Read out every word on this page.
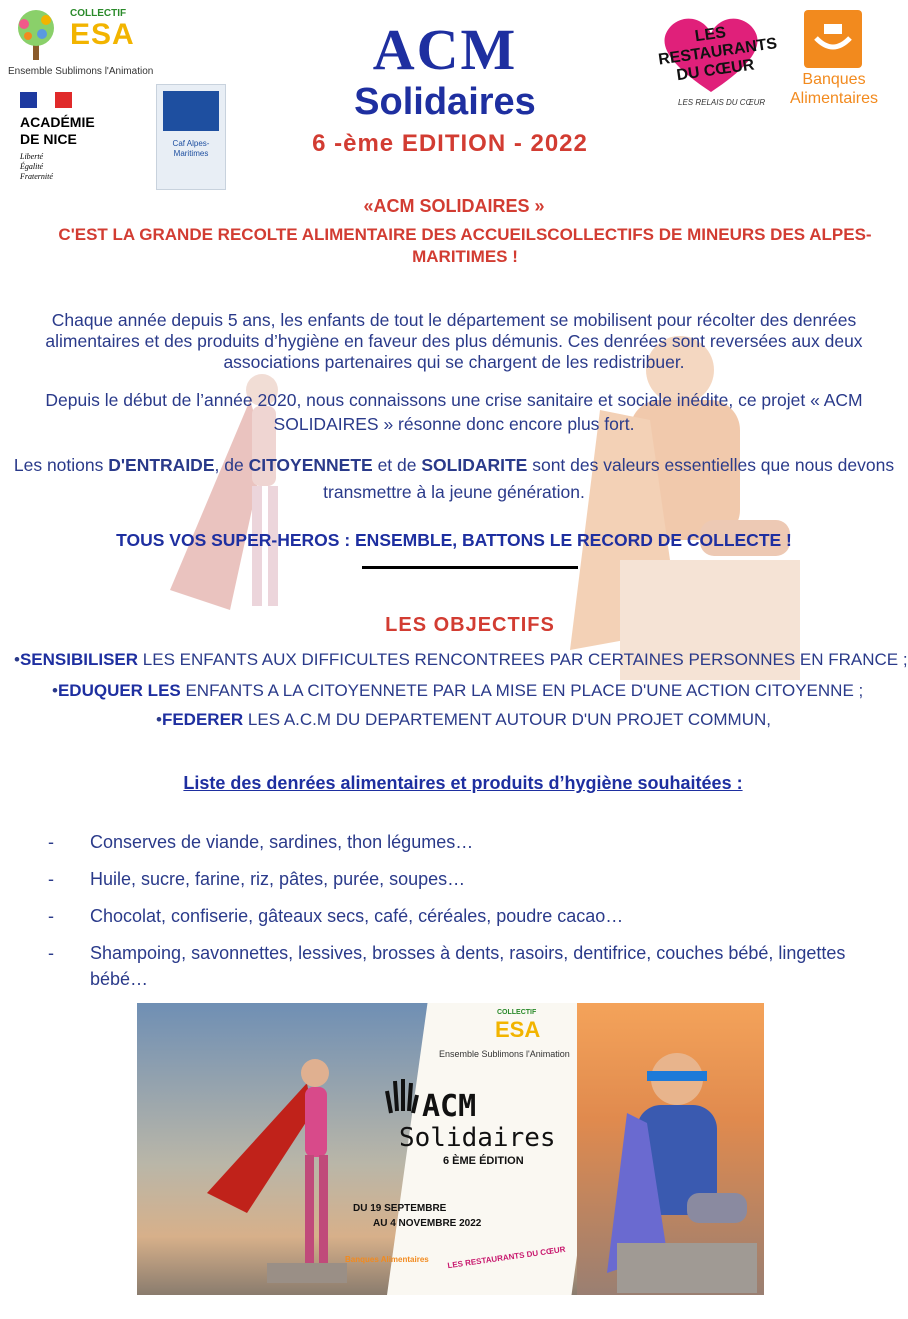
COLLECTIF
ESA
Ensemble Sublimons l'Animation
ACADÉMIE
DE NICE
Liberté
Égalité
Fraternité
Caf Alpes-Maritimes
ACM
Solidaires
6 -ème EDITION - 2022
LES RESTAURANTS DU CŒUR
LES RELAIS DU CŒUR
Banques
Alimentaires
«ACM SOLIDAIRES »
C'EST LA GRANDE RECOLTE ALIMENTAIRE DES ACCUEILSCOLLECTIFS DE MINEURS DES ALPES-MARITIMES !
Chaque année depuis 5 ans, les enfants de tout le département se mobilisent pour récolter des denrées alimentaires et des produits d’hygiène en faveur des plus démunis. Ces denrées sont reversées aux deux associations partenaires qui se chargent de les redistribuer.
Depuis le début de l’année 2020, nous connaissons une crise sanitaire et sociale inédite, ce projet « ACM SOLIDAIRES » résonne donc encore plus fort.
Les notions D'ENTRAIDE, de CITOYENNETE et de SOLIDARITE sont des valeurs essentielles que nous devons transmettre à la jeune génération.
TOUS VOS SUPER-HEROS : ENSEMBLE, BATTONS LE RECORD DE COLLECTE !
LES OBJECTIFS
•SENSIBILISER LES ENFANTS AUX DIFFICULTES RENCONTREES PAR CERTAINES PERSONNES EN FRANCE ;
•EDUQUER LES ENFANTS A LA CITOYENNETE PAR LA MISE EN PLACE D'UNE ACTION CITOYENNE ;
•FEDERER LES A.C.M DU DEPARTEMENT AUTOUR D'UN PROJET COMMUN,
Liste des denrées alimentaires et produits d’hygiène souhaitées :
- Conserves de viande, sardines, thon légumes…
- Huile, sucre, farine, riz, pâtes, purée, soupes…
- Chocolat, confiserie, gâteaux secs, café, céréales, poudre cacao…
- Shampoing, savonnettes, lessives, brosses à dents, rasoirs, dentifrice, couches bébé, lingettes bébé…
COLLECTIF
ESA
Ensemble Sublimons l'Animation
ACM
Solidaires
6 ÈME ÉDITION
DU 19 SEPTEMBRE
AU 4 NOVEMBRE 2022
Banques Alimentaires LES RESTAURANTS DU CŒUR
